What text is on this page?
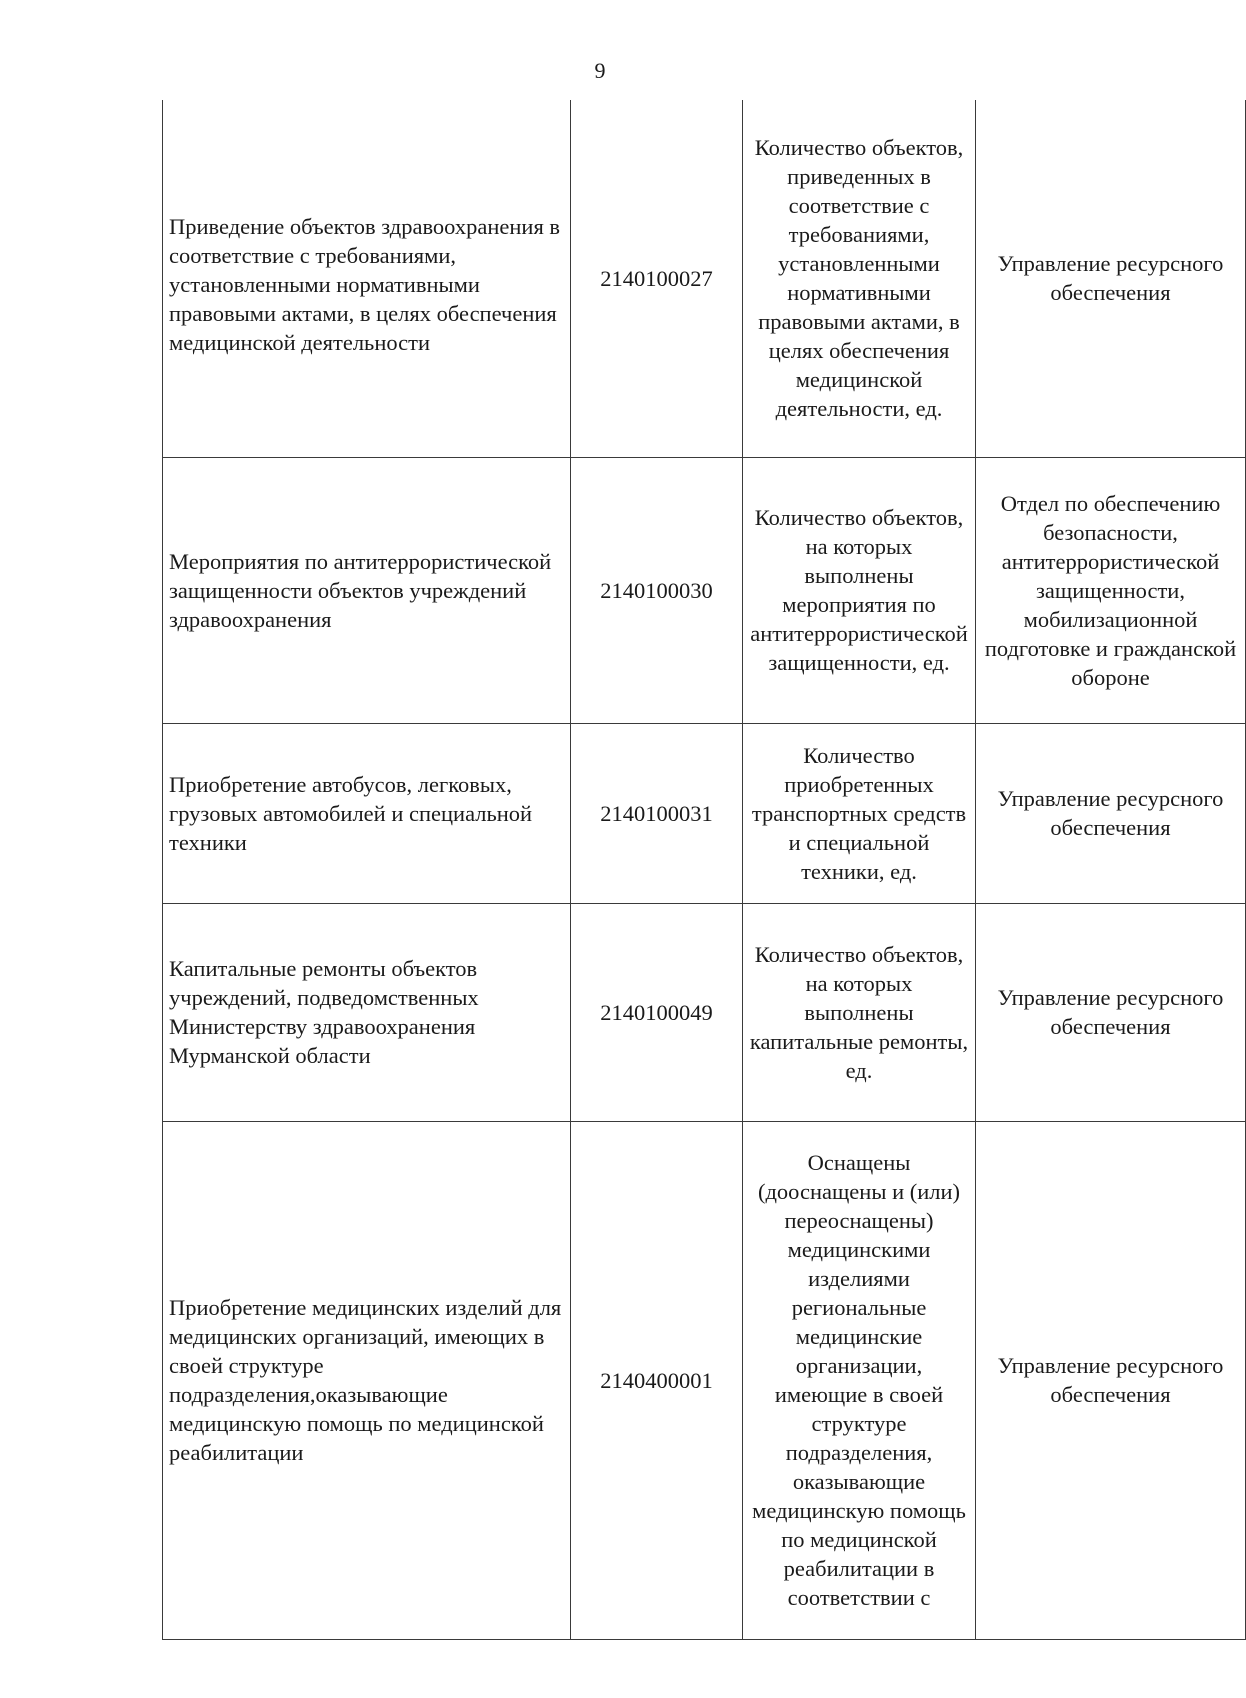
9
Приведение объектов здравоохранения в соответствие с требованиями, установленными нормативными правовыми актами, в целях обеспечения медицинской деятельности	2140100027	Количество объектов, приведенных в соответствие с требованиями, установленными нормативными правовыми актами, в целях обеспечения медицинской деятельности, ед.	Управление ресурсного обеспечения
Мероприятия по антитеррористической защищенности объектов учреждений здравоохранения	2140100030	Количество объектов, на которых выполнены мероприятия по антитеррористической защищенности, ед.	Отдел по обеспечению безопасности, антитеррористической защищенности, мобилизационной подготовке и гражданской обороне
Приобретение автобусов, легковых, грузовых автомобилей и специальной техники	2140100031	Количество приобретенных транспортных средств и специальной техники, ед.	Управление ресурсного обеспечения
Капитальные ремонты объектов учреждений, подведомственных Министерству здравоохранения Мурманской области	2140100049	Количество объектов, на которых выполнены капитальные ремонты, ед.	Управление ресурсного обеспечения
Приобретение медицинских изделий для медицинских организаций, имеющих в своей структуре подразделения,оказывающие медицинскую помощь по медицинской реабилитации	2140400001	Оснащены (дооснащены и (или) переоснащены) медицинскими изделиями региональные медицинские организации, имеющие в своей структуре подразделения, оказывающие медицинскую помощь по медицинской реабилитации в соответствии с	Управление ресурсного обеспечения
